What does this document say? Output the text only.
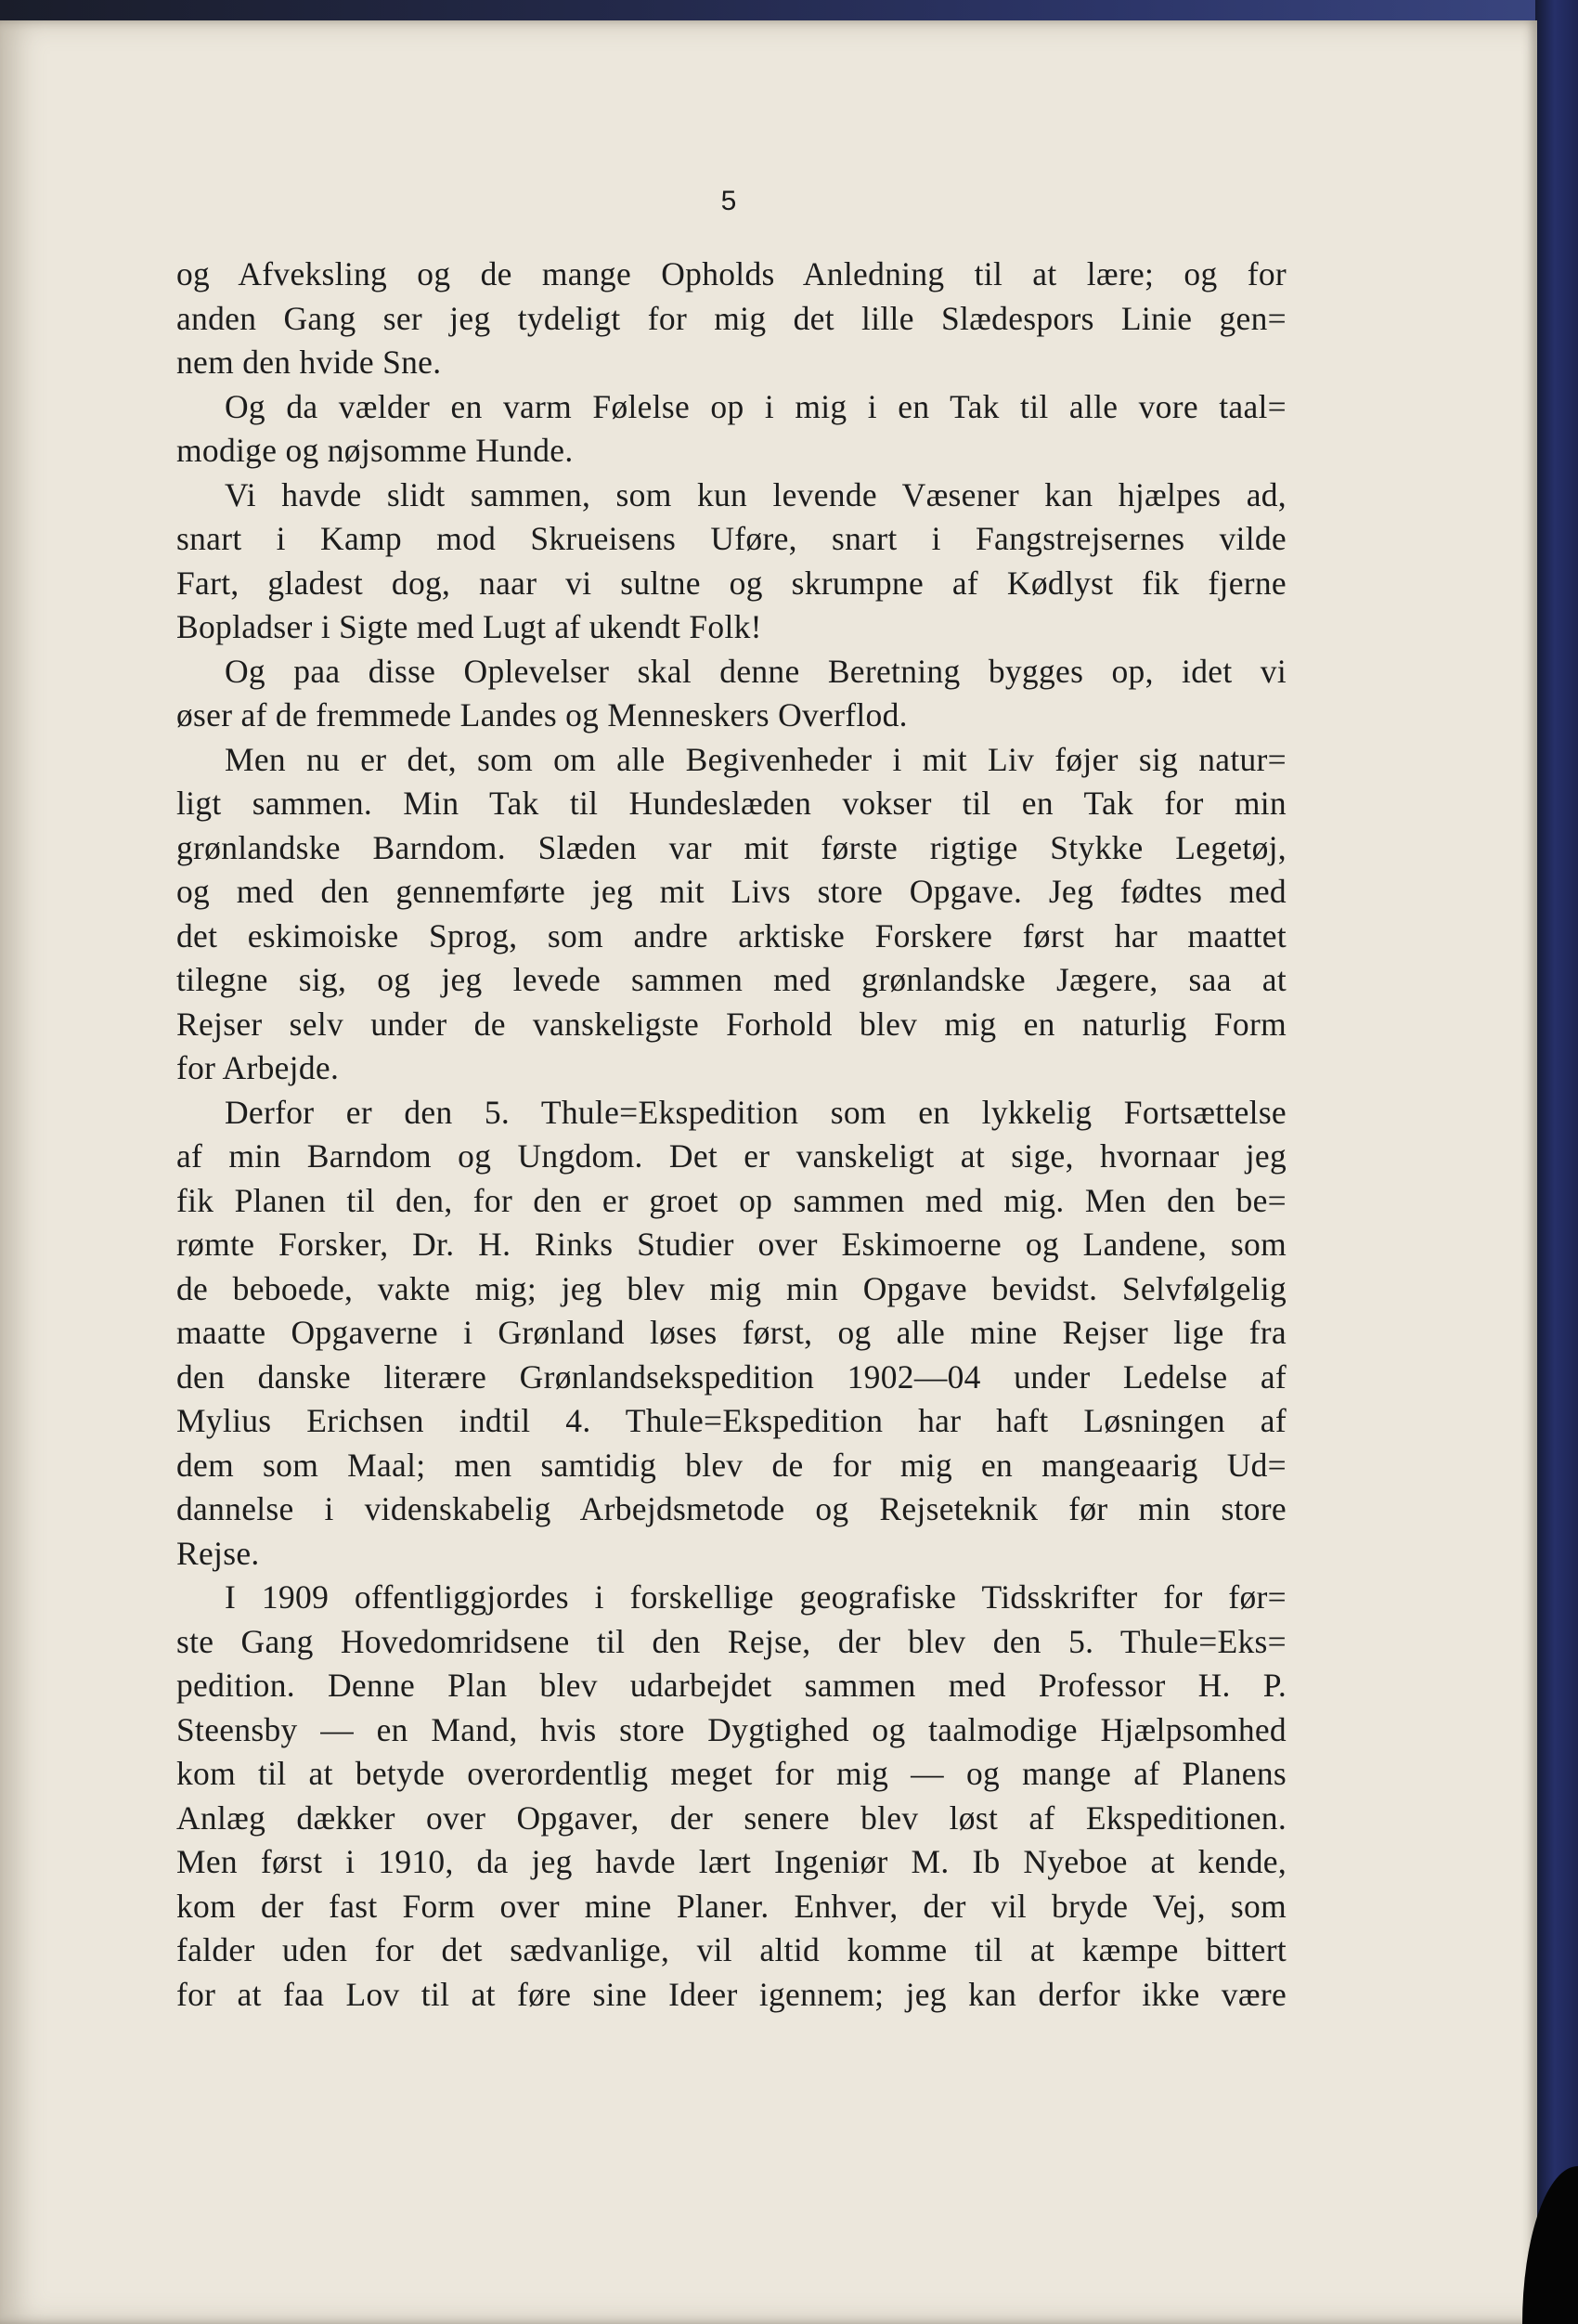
5
og Afveksling og de mange Opholds Anledning til at lære; og for
anden Gang ser jeg tydeligt for mig det lille Slædespors Linie gen=
nem den hvide Sne.
Og da vælder en varm Følelse op i mig i en Tak til alle vore taal=
modige og nøjsomme Hunde.
Vi havde slidt sammen, som kun levende Væsener kan hjælpes ad,
snart i Kamp mod Skrueisens Uføre, snart i Fangstrejsernes vilde
Fart, gladest dog, naar vi sultne og skrumpne af Kødlyst fik fjerne
Bopladser i Sigte med Lugt af ukendt Folk!
Og paa disse Oplevelser skal denne Beretning bygges op, idet vi
øser af de fremmede Landes og Menneskers Overflod.
Men nu er det, som om alle Begivenheder i mit Liv føjer sig natur=
ligt sammen. Min Tak til Hundeslæden vokser til en Tak for min
grønlandske Barndom. Slæden var mit første rigtige Stykke Legetøj,
og med den gennemførte jeg mit Livs store Opgave. Jeg fødtes med
det eskimoiske Sprog, som andre arktiske Forskere først har maattet
tilegne sig, og jeg levede sammen med grønlandske Jægere, saa at
Rejser selv under de vanskeligste Forhold blev mig en naturlig Form
for Arbejde.
Derfor er den 5. Thule=Ekspedition som en lykkelig Fortsættelse
af min Barndom og Ungdom. Det er vanskeligt at sige, hvornaar jeg
fik Planen til den, for den er groet op sammen med mig. Men den be=
rømte Forsker, Dr. H. Rinks Studier over Eskimoerne og Landene, som
de beboede, vakte mig; jeg blev mig min Opgave bevidst. Selvfølgelig
maatte Opgaverne i Grønland løses først, og alle mine Rejser lige fra
den danske literære Grønlandsekspedition 1902—04 under Ledelse af
Mylius Erichsen indtil 4. Thule=Ekspedition har haft Løsningen af
dem som Maal; men samtidig blev de for mig en mangeaarig Ud=
dannelse i videnskabelig Arbejdsmetode og Rejseteknik før min store
Rejse.
I 1909 offentliggjordes i forskellige geografiske Tidsskrifter for før=
ste Gang Hovedomridsene til den Rejse, der blev den 5. Thule=Eks=
pedition. Denne Plan blev udarbejdet sammen med Professor H. P.
Steensby — en Mand, hvis store Dygtighed og taalmodige Hjælpsomhed
kom til at betyde overordentlig meget for mig — og mange af Planens
Anlæg dækker over Opgaver, der senere blev løst af Ekspeditionen.
Men først i 1910, da jeg havde lært Ingeniør M. Ib Nyeboe at kende,
kom der fast Form over mine Planer. Enhver, der vil bryde Vej, som
falder uden for det sædvanlige, vil altid komme til at kæmpe bittert
for at faa Lov til at føre sine Ideer igennem; jeg kan derfor ikke være
